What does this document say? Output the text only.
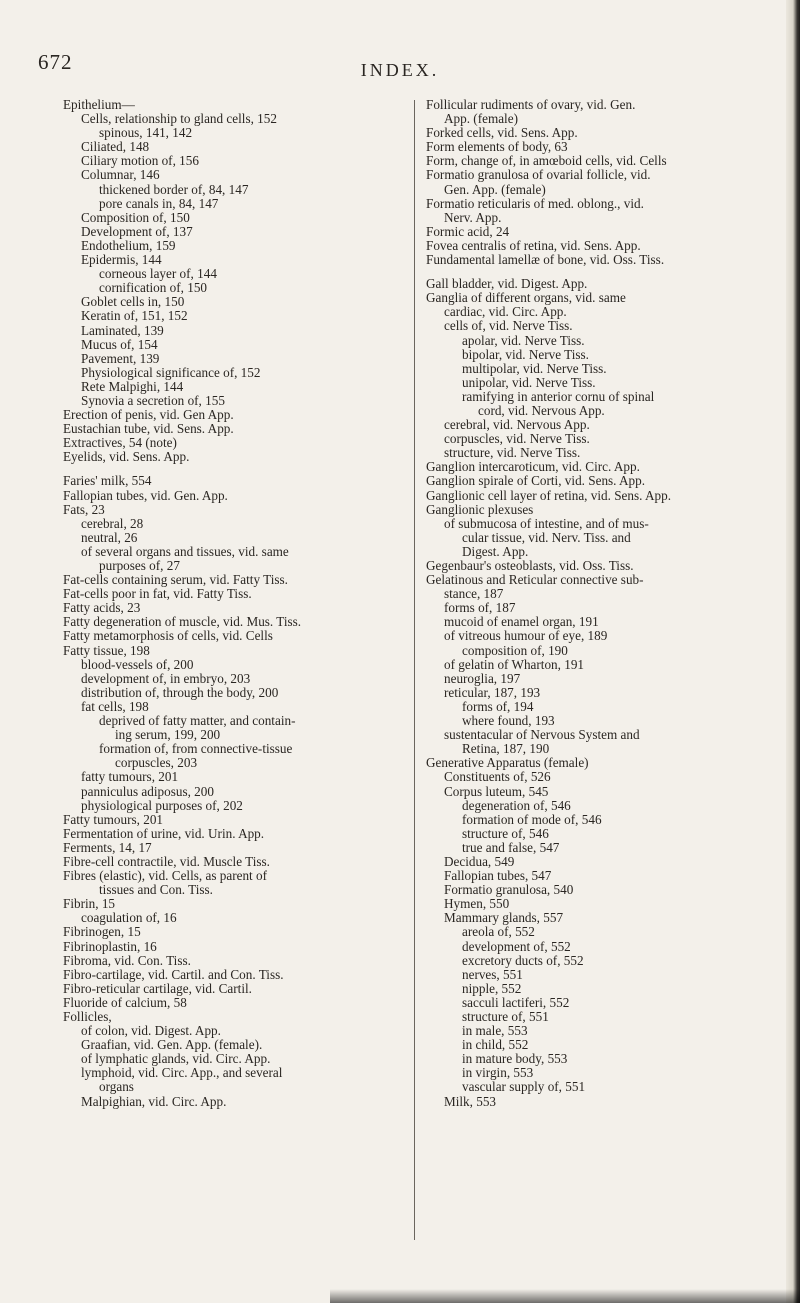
672	INDEX.
Epithelium—
Cells, relationship to gland cells, 152
spinous, 141, 142
Ciliated, 148
Ciliary motion of, 156
Columnar, 146
thickened border of, 84, 147
pore canals in, 84, 147
Composition of, 150
Development of, 137
Endothelium, 159
Epidermis, 144
corneous layer of, 144
cornification of, 150
Goblet cells in, 150
Keratin of, 151, 152
Laminated, 139
Mucus of, 154
Pavement, 139
Physiological significance of, 152
Rete Malpighi, 144
Synovia a secretion of, 155
Erection of penis, vid. Gen App.
Eustachian tube, vid. Sens. App.
Extractives, 54 (note)
Eyelids, vid. Sens. App.
Faries' milk, 554
Fallopian tubes, vid. Gen. App.
Fats, 23
cerebral, 28
neutral, 26
of several organs and tissues, vid. same
purposes of, 27
Fat-cells containing serum, vid. Fatty Tiss.
Fat-cells poor in fat, vid. Fatty Tiss.
Fatty acids, 23
Fatty degeneration of muscle, vid. Mus. Tiss.
Fatty metamorphosis of cells, vid. Cells
Fatty tissue, 198
blood-vessels of, 200
development of, in embryo, 203
distribution of, through the body, 200
fat cells, 198
deprived of fatty matter, and contain-
ing serum, 199, 200
formation of, from connective-tissue
corpuscles, 203
fatty tumours, 201
panniculus adiposus, 200
physiological purposes of, 202
Fatty tumours, 201
Fermentation of urine, vid. Urin. App.
Ferments, 14, 17
Fibre-cell contractile, vid. Muscle Tiss.
Fibres (elastic), vid. Cells, as parent of
tissues and Con. Tiss.
Fibrin, 15
coagulation of, 16
Fibrinogen, 15
Fibrinoplastin, 16
Fibroma, vid. Con. Tiss.
Fibro-cartilage, vid. Cartil. and Con. Tiss.
Fibro-reticular cartilage, vid. Cartil.
Fluoride of calcium, 58
Follicles,
of colon, vid. Digest. App.
Graafian, vid. Gen. App. (female).
of lymphatic glands, vid. Circ. App.
lymphoid, vid. Circ. App., and several
organs
Malpighian, vid. Circ. App.
Follicular rudiments of ovary, vid. Gen.
App. (female)
Forked cells, vid. Sens. App.
Form elements of body, 63
Form, change of, in amœboid cells, vid. Cells
Formatio granulosa of ovarial follicle, vid.
Gen. App. (female)
Formatio reticularis of med. oblong., vid.
Nerv. App.
Formic acid, 24
Fovea centralis of retina, vid. Sens. App.
Fundamental lamellæ of bone, vid. Oss. Tiss.
Gall bladder, vid. Digest. App.
Ganglia of different organs, vid. same
cardiac, vid. Circ. App.
cells of, vid. Nerve Tiss.
apolar, vid. Nerve Tiss.
bipolar, vid. Nerve Tiss.
multipolar, vid. Nerve Tiss.
unipolar, vid. Nerve Tiss.
ramifying in anterior cornu of spinal
cord, vid. Nervous App.
cerebral, vid. Nervous App.
corpuscles, vid. Nerve Tiss.
structure, vid. Nerve Tiss.
Ganglion intercaroticum, vid. Circ. App.
Ganglion spirale of Corti, vid. Sens. App.
Ganglionic cell layer of retina, vid. Sens. App.
Ganglionic plexuses
of submucosa of intestine, and of mus-
cular tissue, vid. Nerv. Tiss. and
Digest. App.
Gegenbaur's osteoblasts, vid. Oss. Tiss.
Gelatinous and Reticular connective sub-
stance, 187
forms of, 187
mucoid of enamel organ, 191
of vitreous humour of eye, 189
composition of, 190
of gelatin of Wharton, 191
neuroglia, 197
reticular, 187, 193
forms of, 194
where found, 193
sustentacular of Nervous System and
Retina, 187, 190
Generative Apparatus (female)
Constituents of, 526
Corpus luteum, 545
degeneration of, 546
formation of mode of, 546
structure of, 546
true and false, 547
Decidua, 549
Fallopian tubes, 547
Formatio granulosa, 540
Hymen, 550
Mammary glands, 557
areola of, 552
development of, 552
excretory ducts of, 552
nerves, 551
nipple, 552
sacculi lactiferi, 552
structure of, 551
in male, 553
in child, 552
in mature body, 553
in virgin, 553
vascular supply of, 551
Milk, 553
